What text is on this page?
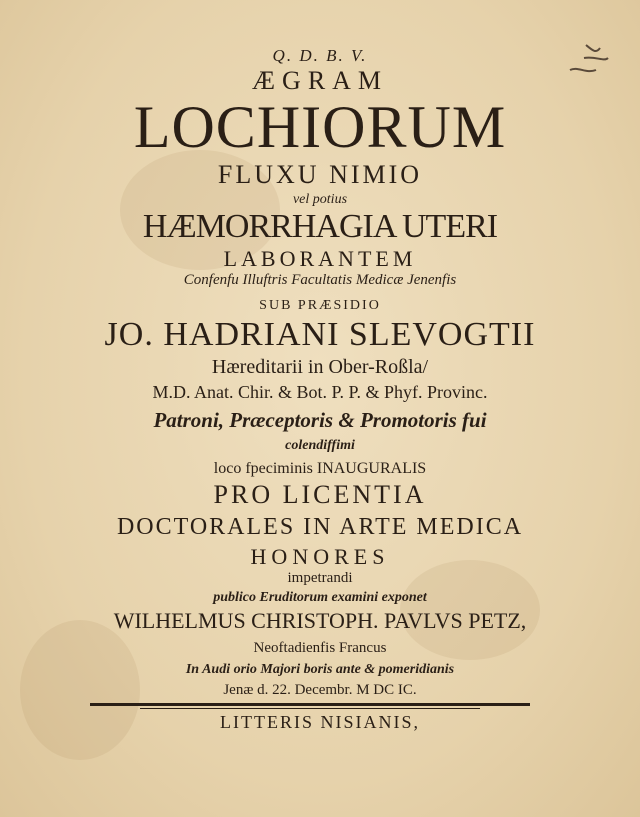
Q. D. B. V.
ÆGRAM
LOCHIORUM
FLUXU NIMIO
vel potius
HÆMORRHAGIA UTERI
LABORANTEM
Confenfu Illuftris Facultatis Medicæ Jenenfis
SUB PRÆSIDIO
JO. HADRIANI SLEVOGTII
Hæreditarii in Ober-Roßla/
M.D. Anat. Chir. & Bot. P. P. & Phyf. Provinc.
Patroni, Præceptoris & Promotoris fui
colendiffimi
loco fpeciminis INAUGURALIS
PRO LICENTIA
DOCTORALES IN ARTE MEDICA
HONORES
impetrandi
publico Eruditorum examini exponet
WILHELMUS CHRISTOPH. PAVLVS PETZ,
Neoftadienfis Francus
In Audi orio Majori boris ante & pomeridianis
Jenæ d. 22. Decembr. M DC IC.
LITTERIS NISIANIS,
